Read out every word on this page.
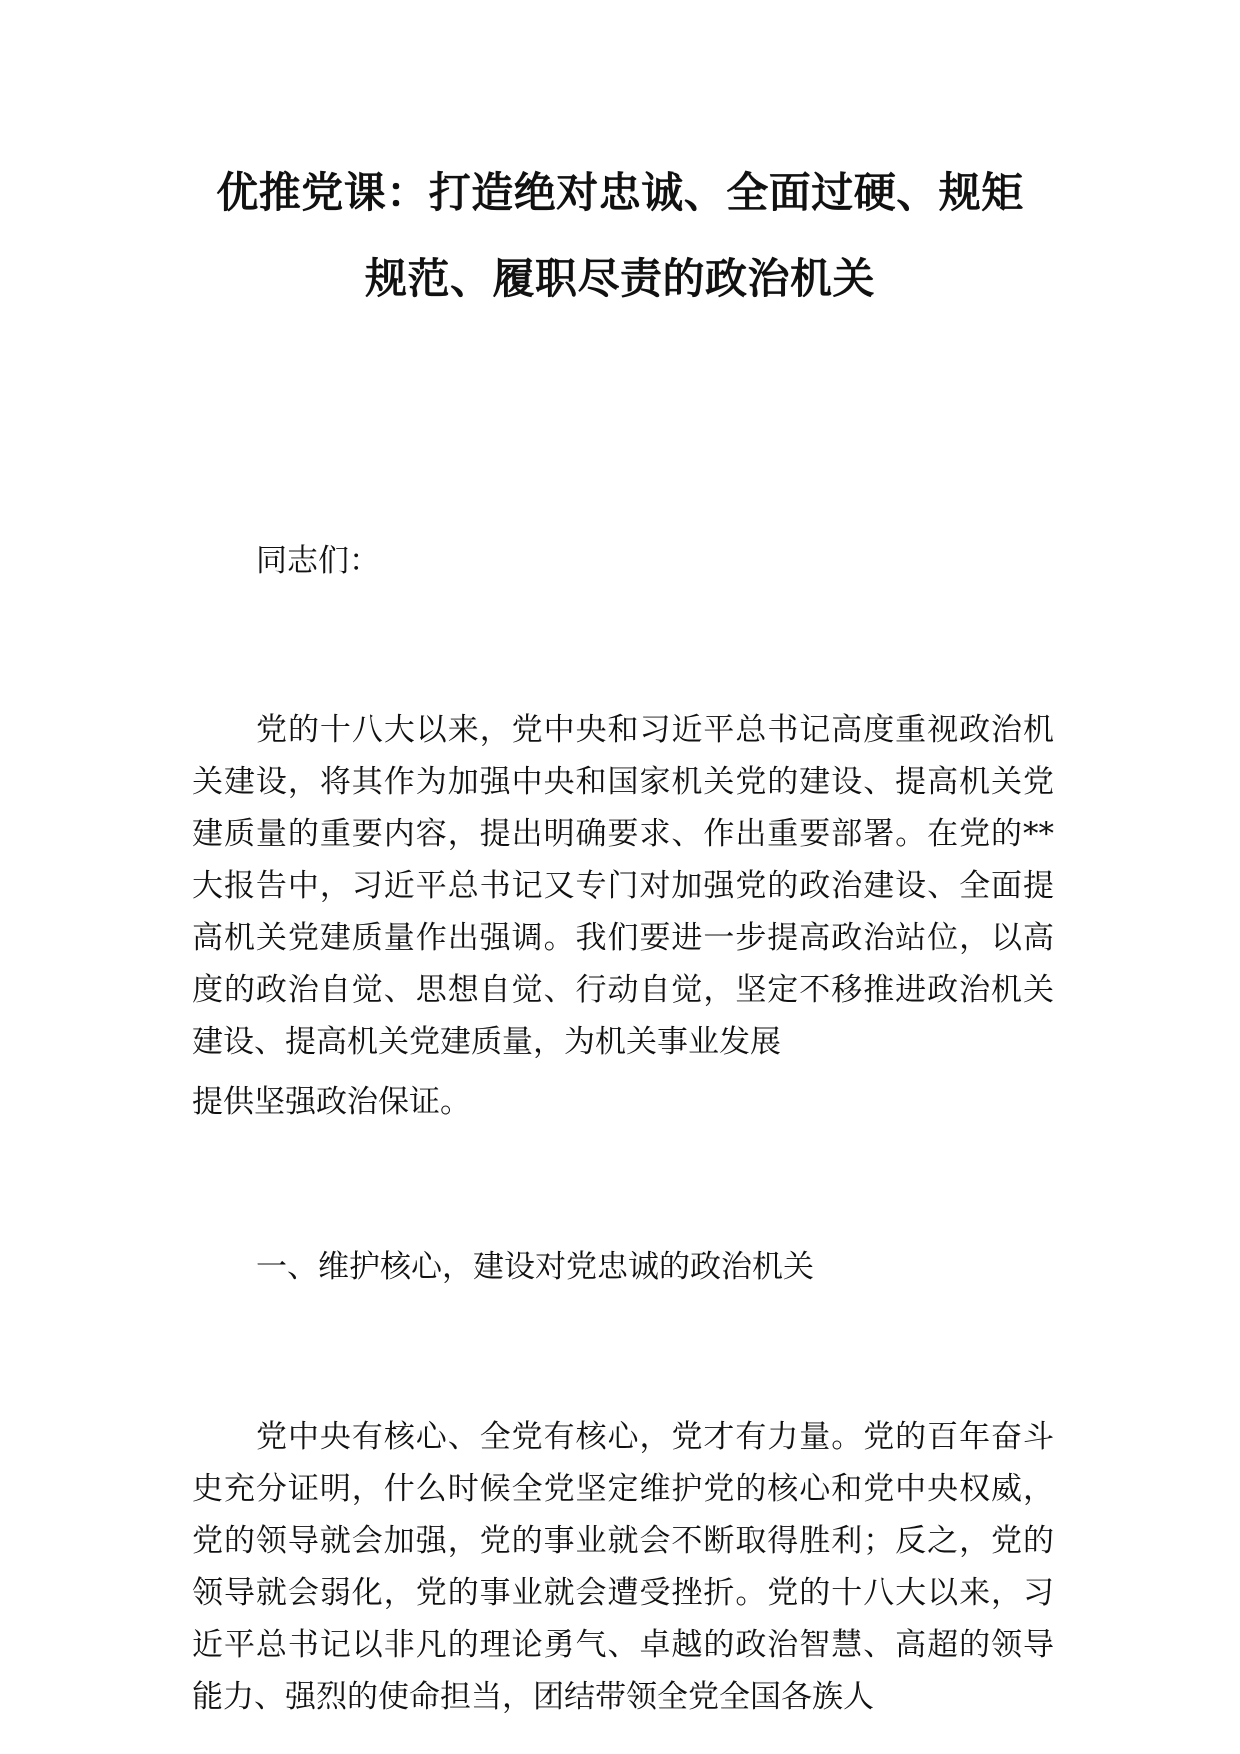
优推党课：打造绝对忠诚、全面过硬、规矩
规范、履职尽责的政治机关

同志们：

党的十八大以来，党中央和习近平总书记高度重视政治机关建设，将其作为加强中央和国家机关党的建设、提高机关党建质量的重要内容，提出明确要求、作出重要部署。在党的**大报告中，习近平总书记又专门对加强党的政治建设、全面提高机关党建质量作出强调。我们要进一步提高政治站位，以高度的政治自觉、思想自觉、行动自觉，坚定不移推进政治机关建设、提高机关党建质量，为机关事业发展
提供坚强政治保证。

一、维护核心，建设对党忠诚的政治机关

党中央有核心、全党有核心，党才有力量。党的百年奋斗史充分证明，什么时候全党坚定维护党的核心和党中央权威，党的领导就会加强，党的事业就会不断取得胜利；反之，党的领导就会弱化，党的事业就会遭受挫折。党的十八大以来，习近平总书记以非凡的理论勇气、卓越的政治智慧、高超的领导能力、强烈的使命担当，团结带领全党全国各族人
